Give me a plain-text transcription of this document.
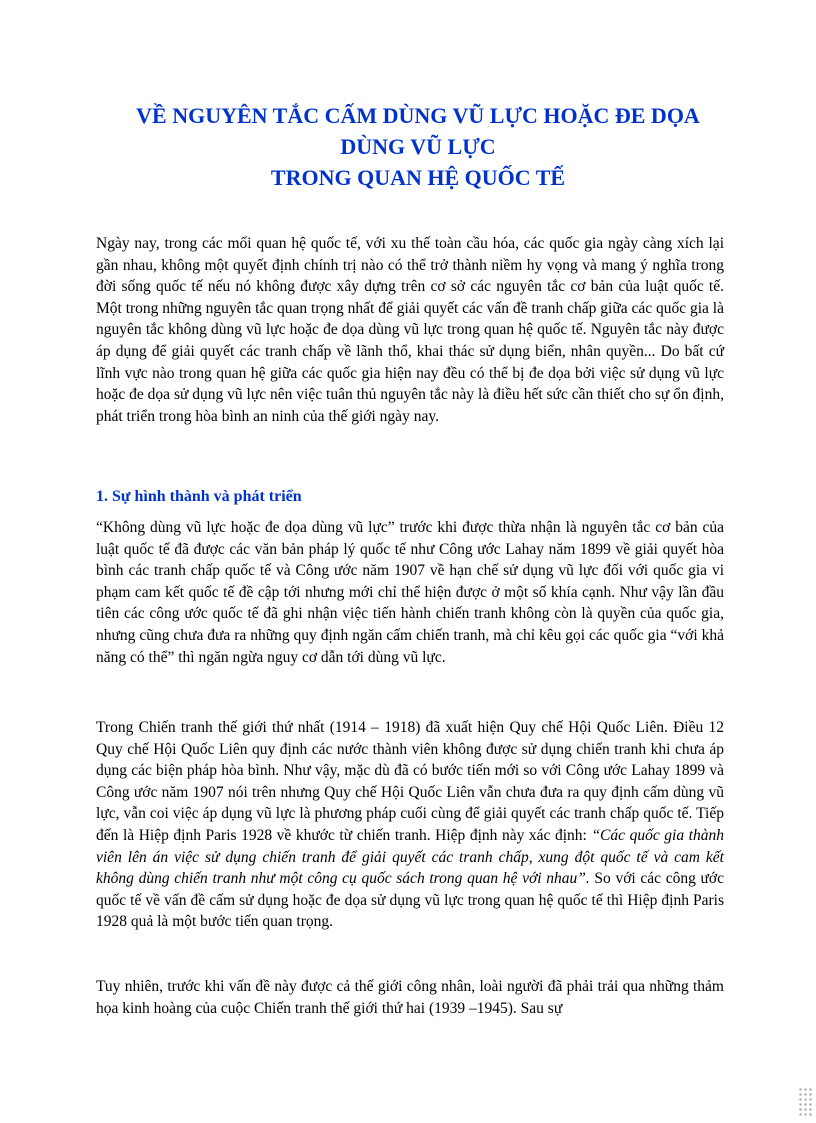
VỀ NGUYÊN TẮC CẤM DÙNG VŨ LỰC HOẶC ĐE DỌA
DÙNG VŨ LỰC
TRONG QUAN HỆ QUỐC TẾ
Ngày nay, trong các mối quan hệ quốc tế, với xu thế toàn cầu hóa, các quốc gia ngày càng xích lại gần nhau, không một quyết định chính trị nào có thể trở thành niềm hy vọng và mang ý nghĩa trong đời sống quốc tế nếu nó không được xây dựng trên cơ sở các nguyên tắc cơ bản của luật quốc tế. Một trong những nguyên tắc quan trọng nhất để giải quyết các vấn đề tranh chấp giữa các quốc gia là nguyên tắc không dùng vũ lực hoặc đe dọa dùng vũ lực trong quan hệ quốc tế. Nguyên tắc này được áp dụng để giải quyết các tranh chấp về lãnh thổ, khai thác sử dụng biển, nhân quyền... Do bất cứ lĩnh vực nào trong quan hệ giữa các quốc gia hiện nay đều có thể bị đe dọa bởi việc sử dụng vũ lực hoặc đe dọa sử dụng vũ lực nên việc tuân thủ nguyên tắc này là điều hết sức cần thiết cho sự ổn định, phát triển trong hòa bình an ninh của thế giới ngày nay.
1. Sự hình thành và phát triển
“Không dùng vũ lực hoặc đe dọa dùng vũ lực” trước khi được thừa nhận là nguyên tắc cơ bản của luật quốc tế đã được các văn bản pháp lý quốc tế như Công ước Lahay năm 1899 về giải quyết hòa bình các tranh chấp quốc tế và Công ước năm 1907 về hạn chế sử dụng vũ lực đối với quốc gia vi phạm cam kết quốc tế đề cập tới nhưng mới chỉ thể hiện được ở một số khía cạnh. Như vậy lần đầu tiên các công ước quốc tế đã ghi nhận việc tiến hành chiến tranh không còn là quyền của quốc gia, nhưng cũng chưa đưa ra những quy định ngăn cấm chiến tranh, mà chỉ kêu gọi các quốc gia “với khả năng có thể” thì ngăn ngừa nguy cơ dẫn tới dùng vũ lực.
Trong Chiến tranh thế giới thứ nhất (1914 – 1918) đã xuất hiện Quy chế Hội Quốc Liên. Điều 12 Quy chế Hội Quốc Liên quy định các nước thành viên không được sử dụng chiến tranh khi chưa áp dụng các biện pháp hòa bình. Như vậy, mặc dù đã có bước tiến mới so với Công ước Lahay 1899 và Công ước năm 1907 nói trên nhưng Quy chế Hội Quốc Liên vẫn chưa đưa ra quy định cấm dùng vũ lực, vẫn coi việc áp dụng vũ lực là phương pháp cuối cùng để giải quyết các tranh chấp quốc tế. Tiếp đến là Hiệp định Paris 1928 về khước từ chiến tranh. Hiệp định này xác định: “Các quốc gia thành viên lên án việc sử dụng chiến tranh để giải quyết các tranh chấp, xung đột quốc tế và cam kết không dùng chiến tranh như một công cụ quốc sách trong quan hệ với nhau”. So với các công ước quốc tế về vấn đề cấm sử dụng hoặc đe dọa sử dụng vũ lực trong quan hệ quốc tế thì Hiệp định Paris 1928 quả là một bước tiến quan trọng.
Tuy nhiên, trước khi vấn đề này được cả thế giới công nhân, loài người đã phải trải qua những thảm họa kinh hoàng của cuộc Chiến tranh thế giới thứ hai (1939 –1945). Sau sự
